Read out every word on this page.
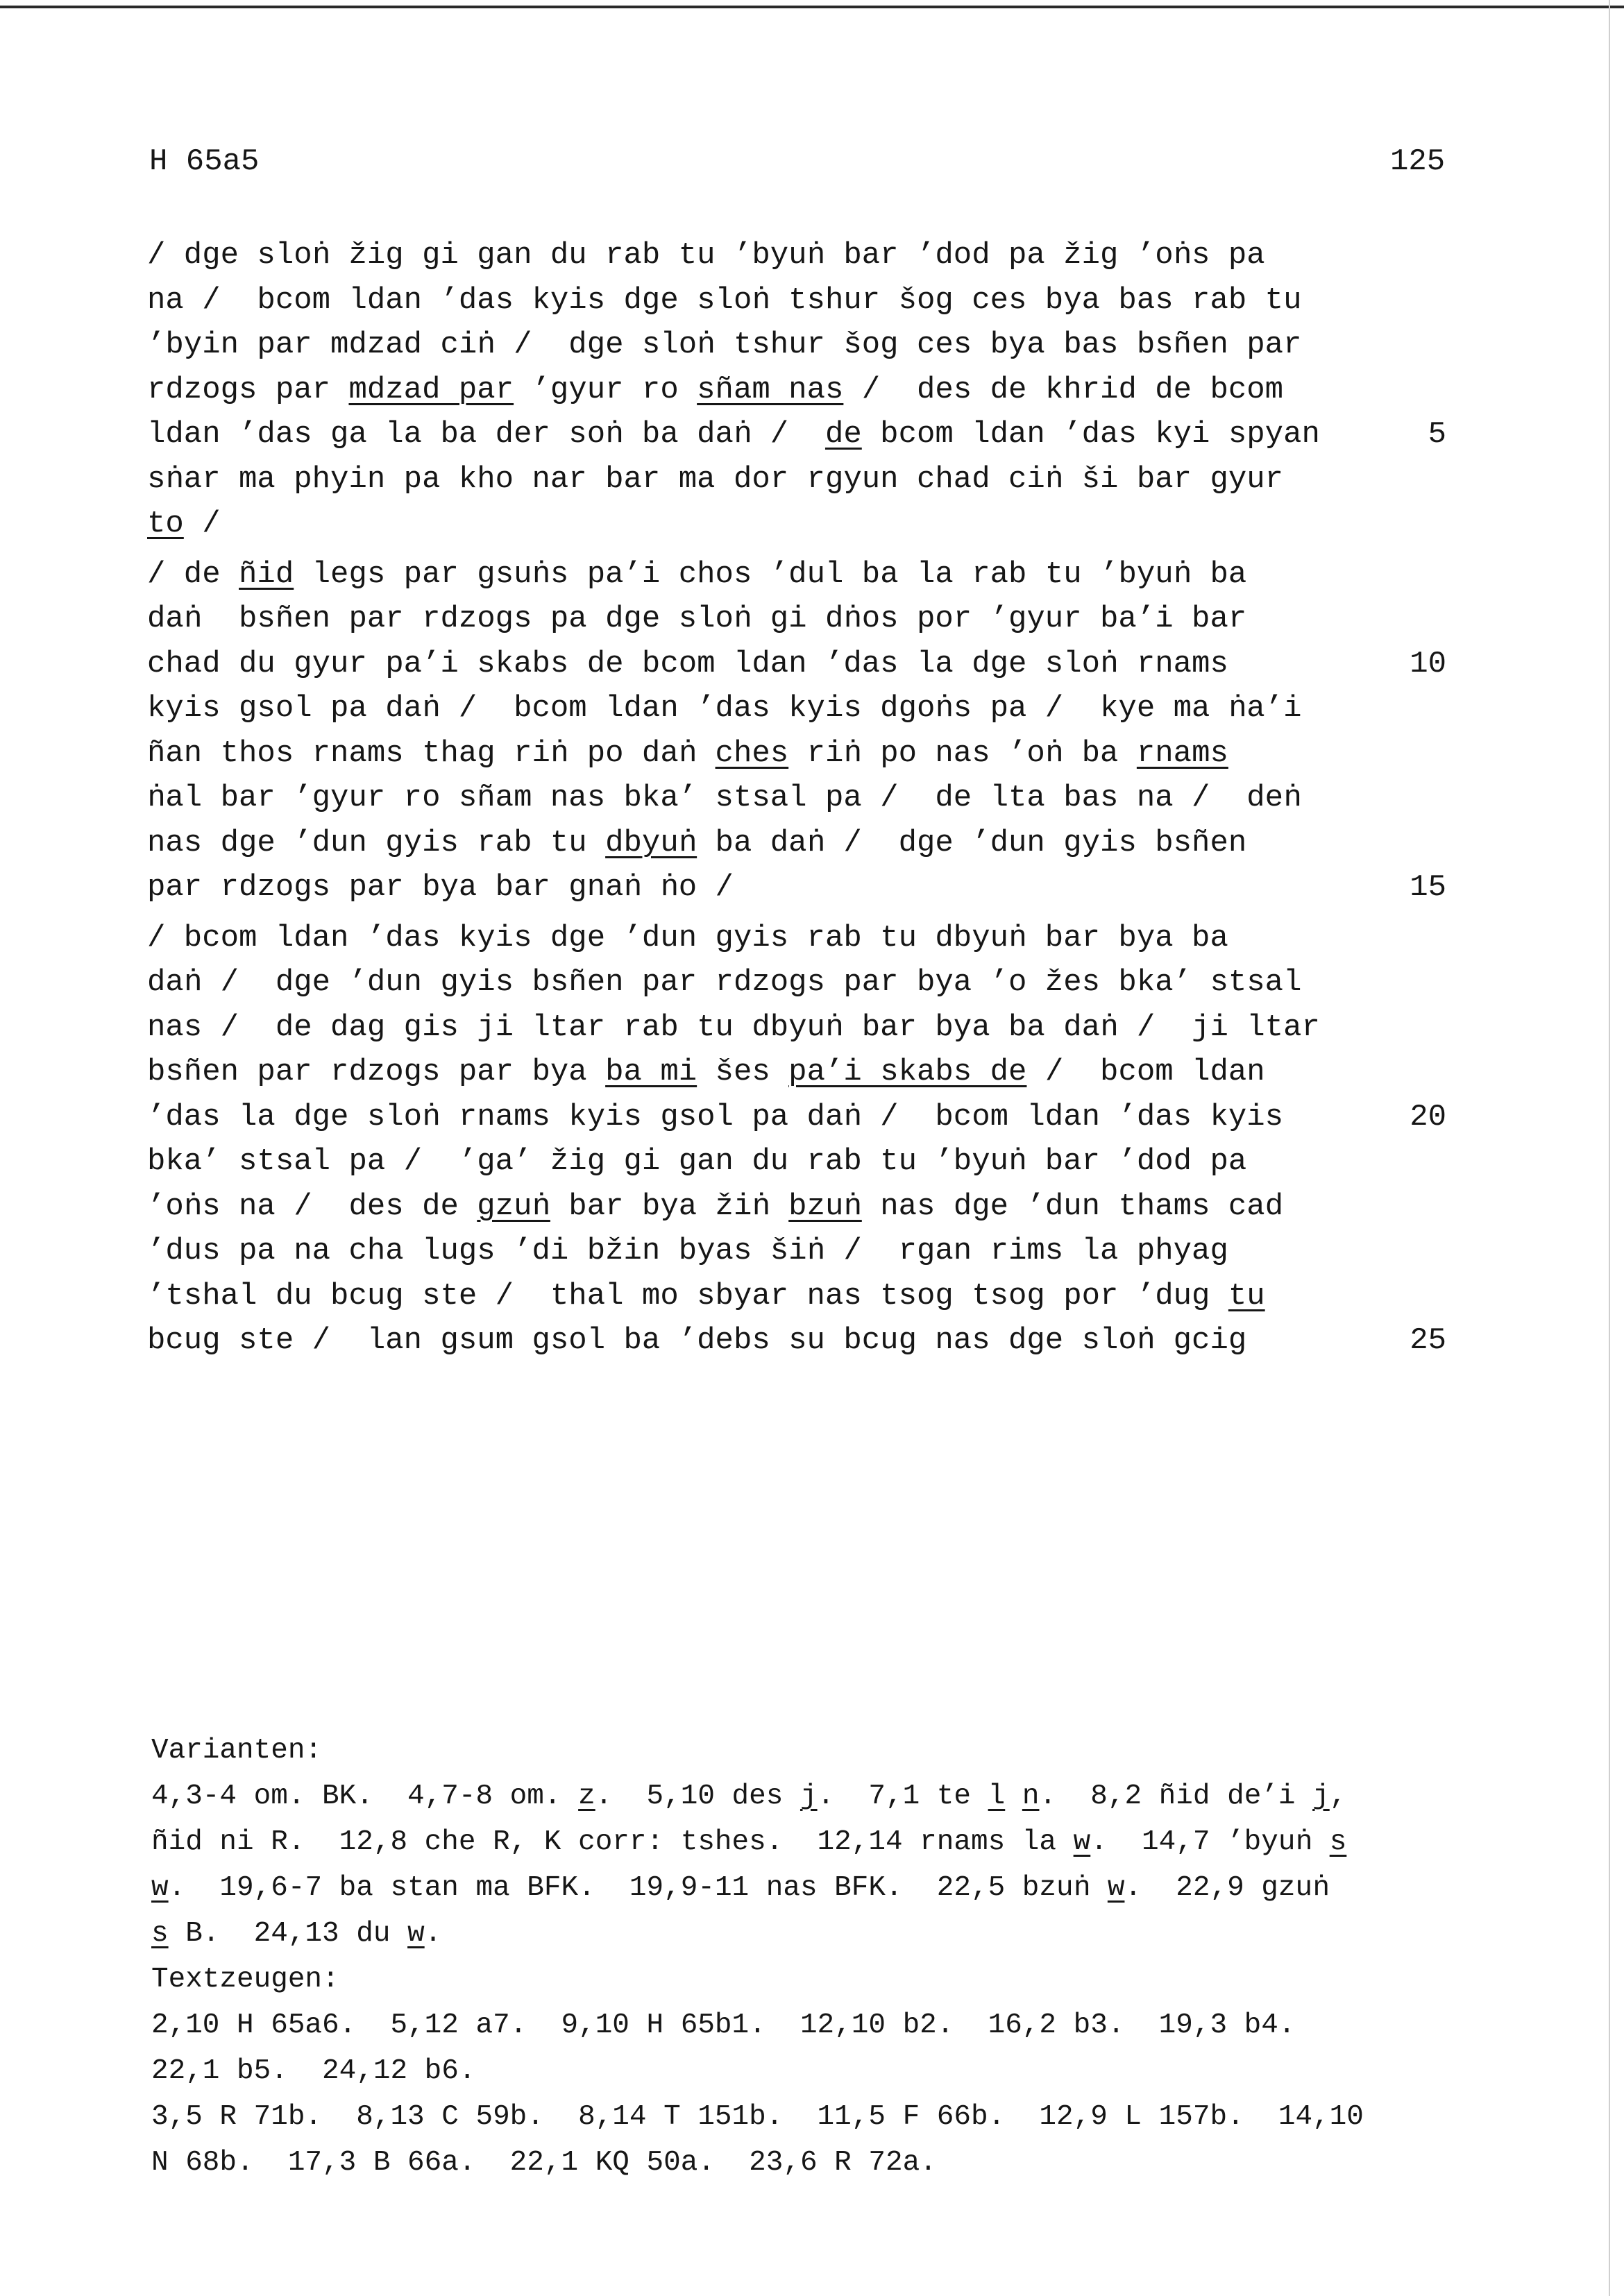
H 65a5	125
/ dge sloṅ žig gi gan du rab tu ’byuṅ bar ’dod pa žig ’oṅs pa
na /  bcom ldan ’das kyis dge sloṅ tshur šog ces bya bas rab tu
’byin par mdzad ciṅ /  dge sloṅ tshur šog ces bya bas bsñen par
rdzogs par mdzad par ’gyur ro sñam nas /  des de khrid de bcom
ldan ’das ga la ba der soṅ ba daṅ /  de bcom ldan ’das kyi spyan	5
sṅar ma phyin pa kho nar bar ma dor rgyun chad ciṅ ši bar gyur
to /
/ de ñid legs par gsuṅs pa’i chos ’dul ba la rab tu ’byuṅ ba
daṅ  bsñen par rdzogs pa dge sloṅ gi dṅos por ’gyur ba’i bar
chad du gyur pa’i skabs de bcom ldan ’das la dge sloṅ rnams	10
kyis gsol pa daṅ /  bcom ldan ’das kyis dgoṅs pa /  kye ma ṅa’i
ñan thos rnams thag riṅ po daṅ ches riṅ po nas ’oṅ ba rnams
ṅal bar ’gyur ro sñam nas bka’ stsal pa /  de lta bas na /  deṅ
nas dge ’dun gyis rab tu dbyuṅ ba daṅ /  dge ’dun gyis bsñen
par rdzogs par bya bar gnaṅ ṅo /	15
/ bcom ldan ’das kyis dge ’dun gyis rab tu dbyuṅ bar bya ba
daṅ /  dge ’dun gyis bsñen par rdzogs par bya ’o žes bka’ stsal
nas /  de dag gis ji ltar rab tu dbyuṅ bar bya ba daṅ /  ji ltar
bsñen par rdzogs par bya ba mi šes pa’i skabs de /  bcom ldan
’das la dge sloṅ rnams kyis gsol pa daṅ /  bcom ldan ’das kyis	20
bka’ stsal pa /  ’ga’ žig gi gan du rab tu ’byuṅ bar ’dod pa
’oṅs na /  des de gzuṅ bar bya žiṅ bzuṅ nas dge ’dun thams cad
’dus pa na cha lugs ’di bžin byas šiṅ /  rgan rims la phyag
’tshal du bcug ste /  thal mo sbyar nas tsog tsog por ’dug tu
bcug ste /  lan gsum gsol ba ’debs su bcug nas dge sloṅ gcig	25
Varianten:
4,3-4 om. BK.  4,7-8 om. z.  5,10 des j.  7,1 te l n.  8,2 ñid de’i j,
ñid ni R.  12,8 che R, K corr: tshes.  12,14 rnams la w.  14,7 ’byuṅ s
w.  19,6-7 ba stan ma BFK.  19,9-11 nas BFK.  22,5 bzuṅ w.  22,9 gzuṅ
s B.  24,13 du w.
Textzeugen:
2,10 H 65a6.  5,12 a7.  9,10 H 65b1.  12,10 b2.  16,2 b3.  19,3 b4.
22,1 b5.  24,12 b6.
3,5 R 71b.  8,13 C 59b.  8,14 T 151b.  11,5 F 66b.  12,9 L 157b.  14,10
N 68b.  17,3 B 66a.  22,1 KQ 50a.  23,6 R 72a.
